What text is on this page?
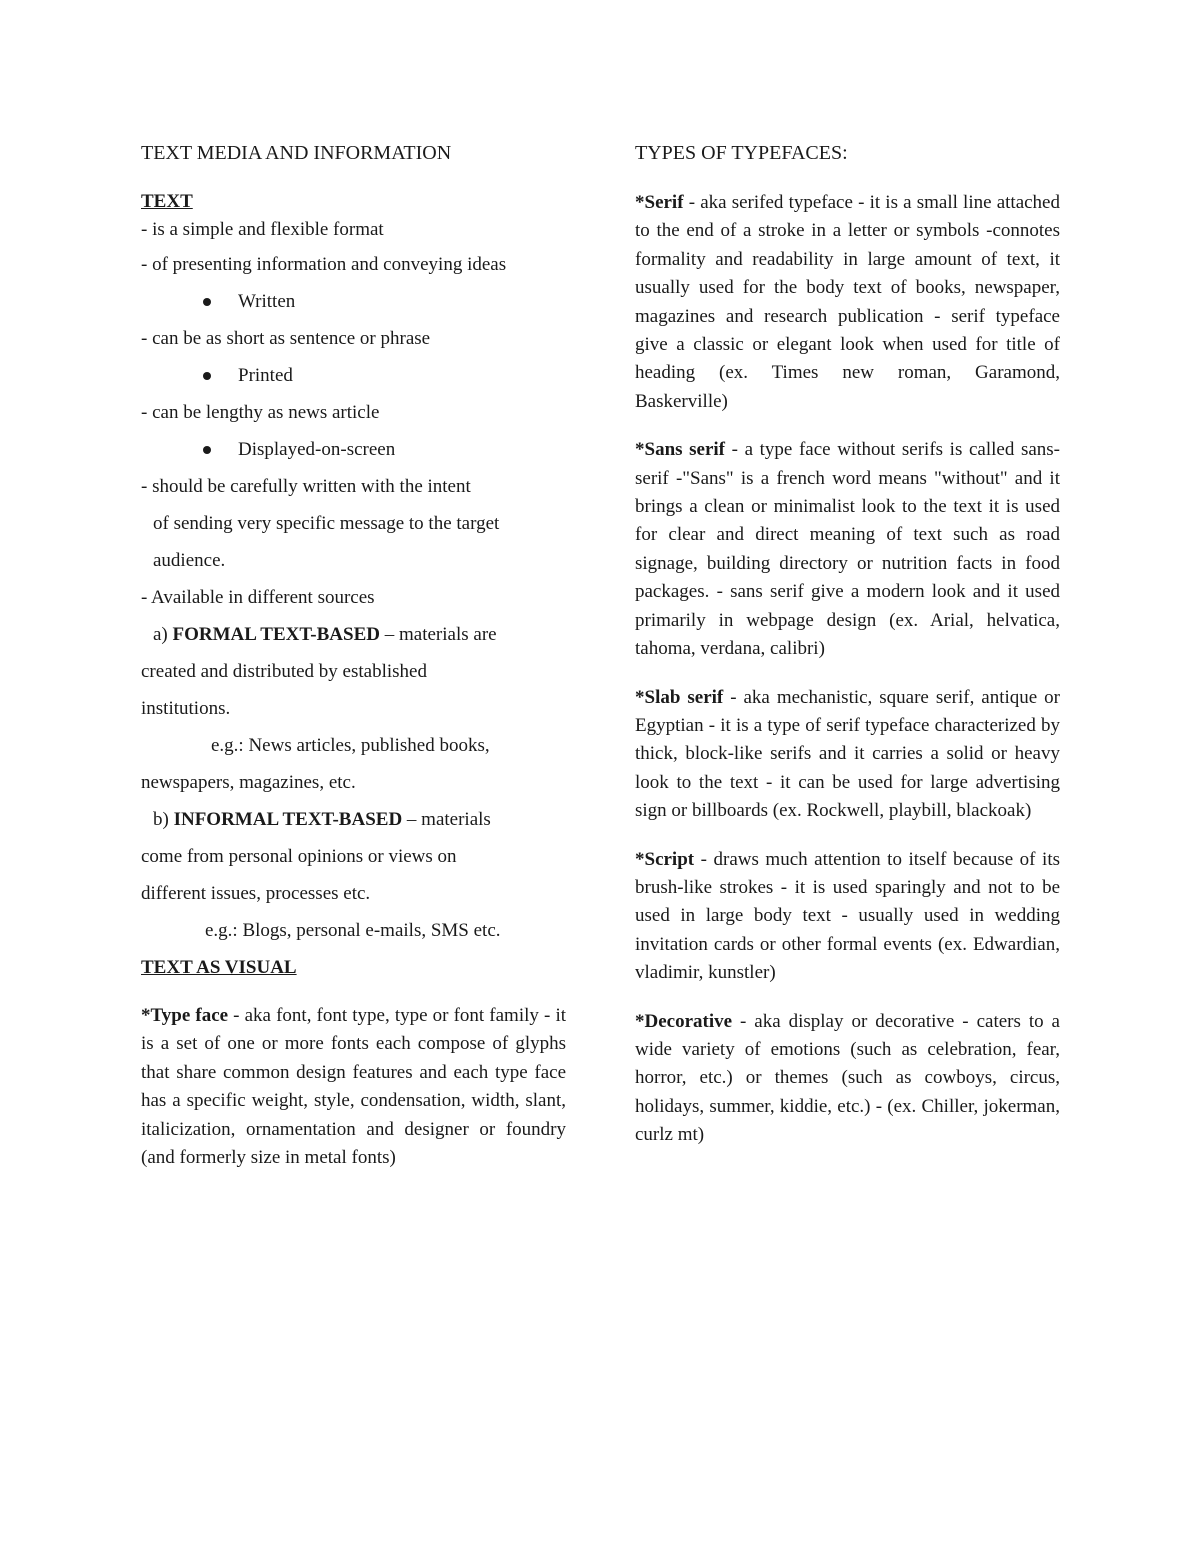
TEXT MEDIA AND INFORMATION

TEXT

- is a simple and flexible format

- of presenting information and conveying ideas

Written

- can be as short as sentence or phrase

Printed

- can be lengthy as news article

Displayed-on-screen

- should be carefully written with the intent

of sending very specific message to the target

audience.

- Available in different sources

a) FORMAL TEXT-BASED – materials are

created and distributed by established

institutions.

e.g.: News articles, published books,

newspapers, magazines, etc.

b) INFORMAL TEXT-BASED – materials

come from personal opinions or views on

different issues, processes etc.

e.g.: Blogs, personal e-mails, SMS etc.

TEXT AS VISUAL

*Type face - aka font, font type, type or font family - it is a set of one or more fonts each compose of glyphs that share common design features and each type face has a specific weight, style, condensation, width, slant, italicization, ornamentation and designer or foundry (and formerly size in metal fonts)

TYPES OF TYPEFACES:

*Serif - aka serifed typeface - it is a small line attached to the end of a stroke in a letter or symbols -connotes formality and readability in large amount of text, it usually used for the body text of books, newspaper, magazines and research publication - serif typeface give a classic or elegant look when used for title of heading (ex. Times new roman, Garamond, Baskerville)

*Sans serif - a type face without serifs is called sans-serif -"Sans" is a french word means "without" and it brings a clean or minimalist look to the text it is used for clear and direct meaning of text such as road signage, building directory or nutrition facts in food packages. - sans serif give a modern look and it used primarily in webpage design (ex. Arial, helvatica, tahoma, verdana, calibri)

*Slab serif - aka mechanistic, square serif, antique or Egyptian - it is a type of serif typeface characterized by thick, block-like serifs and it carries a solid or heavy look to the text - it can be used for large advertising sign or billboards (ex. Rockwell, playbill, blackoak)

*Script - draws much attention to itself because of its brush-like strokes - it is used sparingly and not to be used in large body text - usually used in wedding invitation cards or other formal events (ex. Edwardian, vladimir, kunstler)

*Decorative - aka display or decorative - caters to a wide variety of emotions (such as celebration, fear, horror, etc.) or themes (such as cowboys, circus, holidays, summer, kiddie, etc.) - (ex. Chiller, jokerman, curlz mt)
